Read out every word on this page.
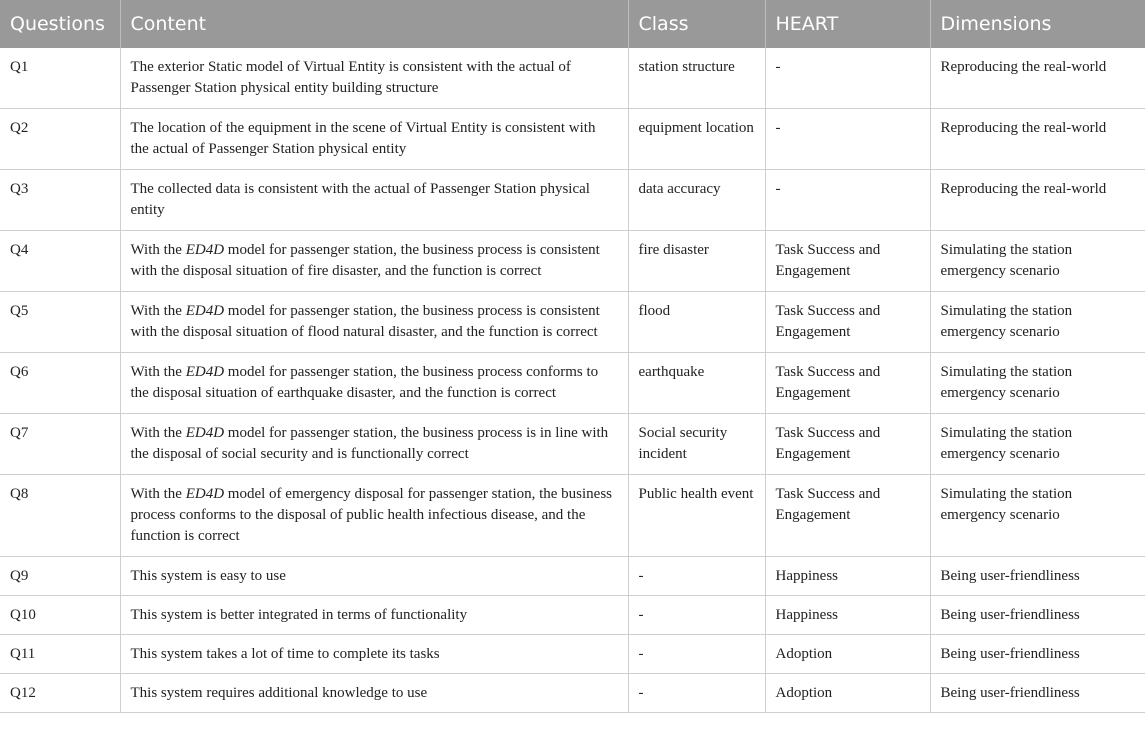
Questions	Content	Class	HEART	Dimensions
Q1	The exterior Static model of Virtual Entity is consistent with the actual of Passenger Station physical entity building structure	station structure	-	Reproducing the real-world
Q2	The location of the equipment in the scene of Virtual Entity is consistent with the actual of Passenger Station physical entity	equipment location	-	Reproducing the real-world
Q3	The collected data is consistent with the actual of Passenger Station physical entity	data accuracy	-	Reproducing the real-world
Q4	With the ED4D model for passenger station, the business process is consistent with the disposal situation of fire disaster, and the function is correct	fire disaster	Task Success and Engagement	Simulating the station emergency scenario
Q5	With the ED4D model for passenger station, the business process is consistent with the disposal situation of flood natural disaster, and the function is correct	flood	Task Success and Engagement	Simulating the station emergency scenario
Q6	With the ED4D model for passenger station, the business process conforms to the disposal situation of earthquake disaster, and the function is correct	earthquake	Task Success and Engagement	Simulating the station emergency scenario
Q7	With the ED4D model for passenger station, the business process is in line with the disposal of social security and is functionally correct	Social security incident	Task Success and Engagement	Simulating the station emergency scenario
Q8	With the ED4D model of emergency disposal for passenger station, the business process conforms to the disposal of public health infectious disease, and the function is correct	Public health event	Task Success and Engagement	Simulating the station emergency scenario
Q9	This system is easy to use	-	Happiness	Being user-friendliness
Q10	This system is better integrated in terms of functionality	-	Happiness	Being user-friendliness
Q11	This system takes a lot of time to complete its tasks	-	Adoption	Being user-friendliness
Q12	This system requires additional knowledge to use	-	Adoption	Being user-friendliness
